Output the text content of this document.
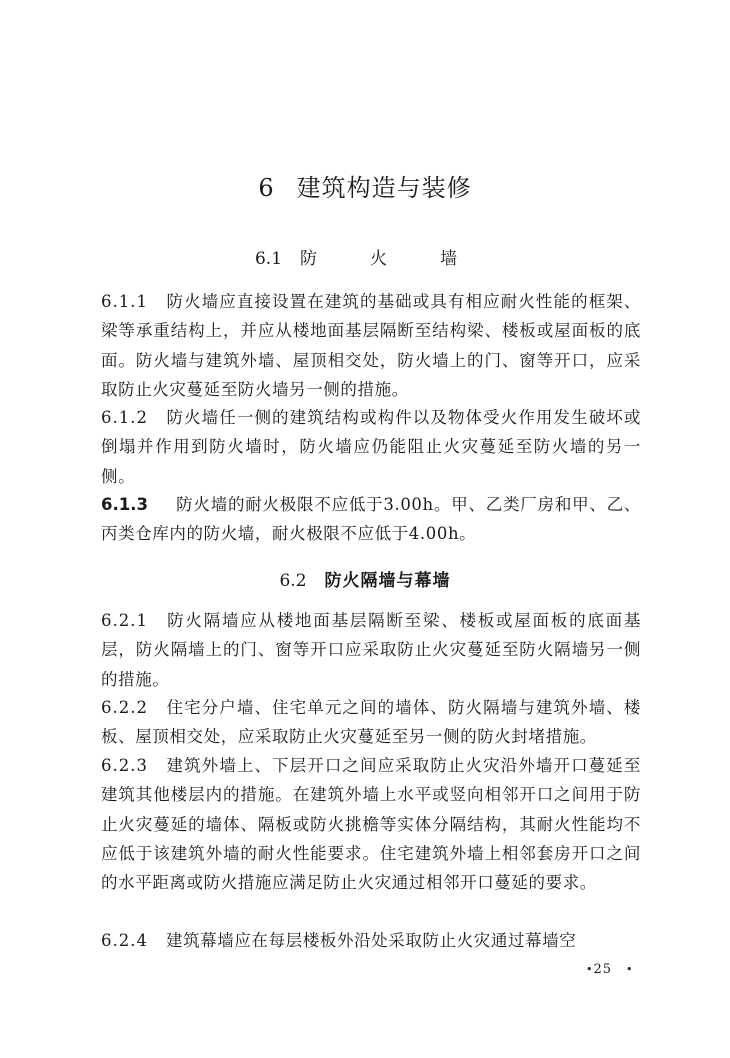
6 建筑构造与装修
6.1 防　火　墙
6.1.1 防火墙应直接设置在建筑的基础或具有相应耐火性能的框架、梁等承重结构上，并应从楼地面基层隔断至结构梁、楼板或屋面板的底面。防火墙与建筑外墙、屋顶相交处，防火墙上的门、窗等开口，应采取防止火灾蔓延至防火墙另一侧的措施。
6.1.2 防火墙任一侧的建筑结构或构件以及物体受火作用发生破坏或倒塌并作用到防火墙时，防火墙应仍能阻止火灾蔓延至防火墙的另一侧。
6.1.3 防火墙的耐火极限不应低于3.00h。甲、乙类厂房和甲、乙、丙类仓库内的防火墙，耐火极限不应低于4.00h。
6.2 防火隔墙与幕墙
6.2.1 防火隔墙应从楼地面基层隔断至梁、楼板或屋面板的底面基层，防火隔墙上的门、窗等开口应采取防止火灾蔓延至防火隔墙另一侧的措施。
6.2.2 住宅分户墙、住宅单元之间的墙体、防火隔墙与建筑外墙、楼板、屋顶相交处，应采取防止火灾蔓延至另一侧的防火封堵措施。
6.2.3 建筑外墙上、下层开口之间应采取防止火灾沿外墙开口蔓延至建筑其他楼层内的措施。在建筑外墙上水平或竖向相邻开口之间用于防止火灾蔓延的墙体、隔板或防火挑檐等实体分隔结构，其耐火性能均不应低于该建筑外墙的耐火性能要求。住宅建筑外墙上相邻套房开口之间的水平距离或防火措施应满足防止火灾通过相邻开口蔓延的要求。
6.2.4 建筑幕墙应在每层楼板外沿处采取防止火灾通过幕墙空
•25  •
